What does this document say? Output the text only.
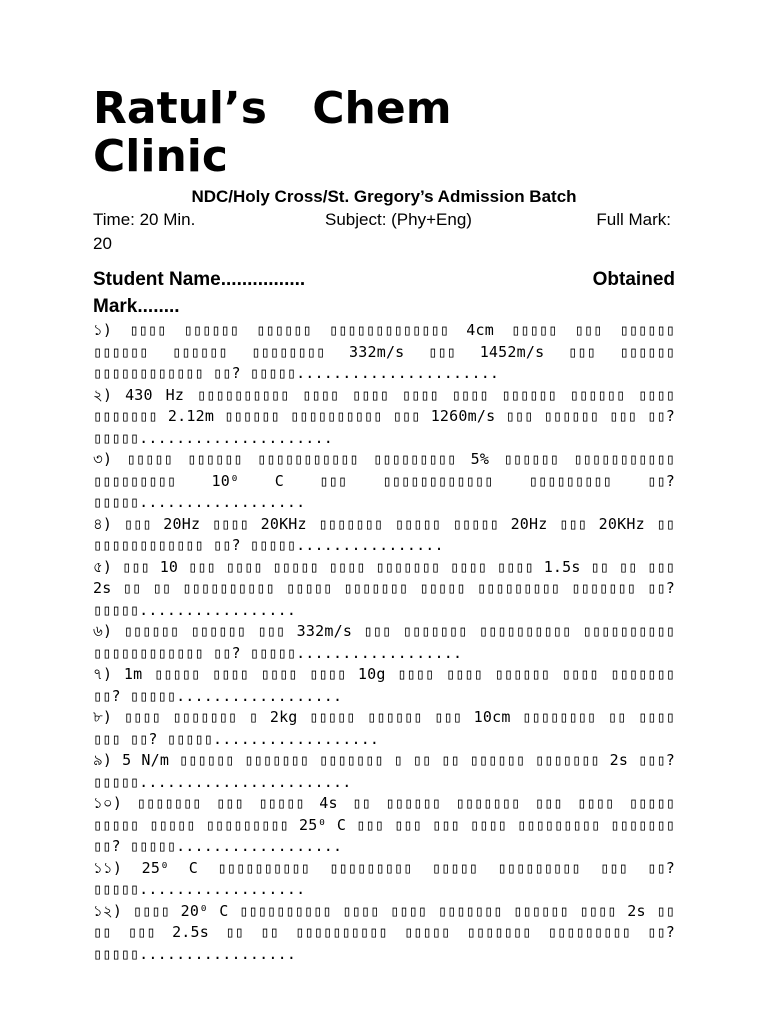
Ratul’s Chem
Clinic
NDC/Holy Cross/St. Gregory’s Admission Batch
Time: 20 Min.	Subject: (Phy+Eng)	Full Mark:
20
Student Name................	Obtained
Mark........
১) ▯▯▯▯ ▯▯▯▯▯▯ ▯▯▯▯▯▯ ▯▯▯▯▯▯▯▯▯▯▯▯▯ 4cm ▯▯▯▯▯ ▯▯▯ ▯▯▯▯▯▯ ▯▯▯▯▯▯ ▯▯▯▯▯▯ ▯▯▯▯▯▯▯▯ 332m/s ▯▯▯ 1452m/s ▯▯▯ ▯▯▯▯▯▯ ▯▯▯▯▯▯▯▯▯▯▯▯ ▯▯? ▯▯▯▯▯......................
২) 430 Hz ▯▯▯▯▯▯▯▯▯▯ ▯▯▯▯ ▯▯▯▯ ▯▯▯▯ ▯▯▯▯ ▯▯▯▯▯▯ ▯▯▯▯▯▯ ▯▯▯▯ ▯▯▯▯▯▯▯ 2.12m ▯▯▯▯▯▯ ▯▯▯▯▯▯▯▯▯▯ ▯▯▯ 1260m/s ▯▯▯ ▯▯▯▯▯▯ ▯▯▯ ▯▯? ▯▯▯▯▯.....................
৩) ▯▯▯▯▯ ▯▯▯▯▯▯ ▯▯▯▯▯▯▯▯▯▯▯ ▯▯▯▯▯▯▯▯▯ 5% ▯▯▯▯▯▯ ▯▯▯▯▯▯▯▯▯▯▯ ▯▯▯▯▯▯▯▯▯ 10⁰ C ▯▯▯ ▯▯▯▯▯▯▯▯▯▯▯▯ ▯▯▯▯▯▯▯▯▯ ▯▯? ▯▯▯▯▯..................
৪) ▯▯▯ 20Hz ▯▯▯▯ 20KHz ▯▯▯▯▯▯▯ ▯▯▯▯▯ ▯▯▯▯▯ 20Hz ▯▯▯ 20KHz ▯▯ ▯▯▯▯▯▯▯▯▯▯▯▯ ▯▯? ▯▯▯▯▯................
৫) ▯▯▯ 10 ▯▯▯ ▯▯▯▯ ▯▯▯▯▯ ▯▯▯▯ ▯▯▯▯▯▯▯ ▯▯▯▯ ▯▯▯▯ 1.5s ▯▯ ▯▯ ▯▯▯ 2s ▯▯ ▯▯ ▯▯▯▯▯▯▯▯▯▯ ▯▯▯▯▯ ▯▯▯▯▯▯▯ ▯▯▯▯▯ ▯▯▯▯▯▯▯▯▯ ▯▯▯▯▯▯▯ ▯▯? ▯▯▯▯▯.................
৬) ▯▯▯▯▯▯ ▯▯▯▯▯▯ ▯▯▯ 332m/s ▯▯▯ ▯▯▯▯▯▯▯ ▯▯▯▯▯▯▯▯▯▯ ▯▯▯▯▯▯▯▯▯▯ ▯▯▯▯▯▯▯▯▯▯▯▯ ▯▯? ▯▯▯▯▯..................
৭) 1m ▯▯▯▯▯ ▯▯▯▯ ▯▯▯▯ ▯▯▯▯ 10g ▯▯▯▯ ▯▯▯▯ ▯▯▯▯▯▯ ▯▯▯▯ ▯▯▯▯▯▯▯ ▯▯? ▯▯▯▯▯..................
৮) ▯▯▯▯ ▯▯▯▯▯▯▯ ▯ 2kg ▯▯▯▯▯ ▯▯▯▯▯▯ ▯▯▯ 10cm ▯▯▯▯▯▯▯▯ ▯▯ ▯▯▯▯ ▯▯▯ ▯▯? ▯▯▯▯▯..................
৯) 5 N/m ▯▯▯▯▯▯ ▯▯▯▯▯▯▯ ▯▯▯▯▯▯▯ ▯ ▯▯ ▯▯ ▯▯▯▯▯▯ ▯▯▯▯▯▯▯ 2s ▯▯▯? ▯▯▯▯▯.......................
১০) ▯▯▯▯▯▯▯ ▯▯▯ ▯▯▯▯▯ 4s ▯▯ ▯▯▯▯▯▯ ▯▯▯▯▯▯▯ ▯▯▯ ▯▯▯▯ ▯▯▯▯▯ ▯▯▯▯▯ ▯▯▯▯▯ ▯▯▯▯▯▯▯▯▯ 25⁰ C ▯▯▯ ▯▯▯ ▯▯▯ ▯▯▯▯ ▯▯▯▯▯▯▯▯▯ ▯▯▯▯▯▯▯ ▯▯? ▯▯▯▯▯..................
১১) 25⁰ C ▯▯▯▯▯▯▯▯▯▯ ▯▯▯▯▯▯▯▯▯ ▯▯▯▯▯ ▯▯▯▯▯▯▯▯▯ ▯▯▯ ▯▯? ▯▯▯▯▯..................
১২) ▯▯▯▯ 20⁰ C ▯▯▯▯▯▯▯▯▯▯ ▯▯▯▯ ▯▯▯▯ ▯▯▯▯▯▯▯ ▯▯▯▯▯▯ ▯▯▯▯ 2s ▯▯ ▯▯ ▯▯▯ 2.5s ▯▯ ▯▯ ▯▯▯▯▯▯▯▯▯▯ ▯▯▯▯▯ ▯▯▯▯▯▯▯ ▯▯▯▯▯▯▯▯▯ ▯▯? ▯▯▯▯▯.................
